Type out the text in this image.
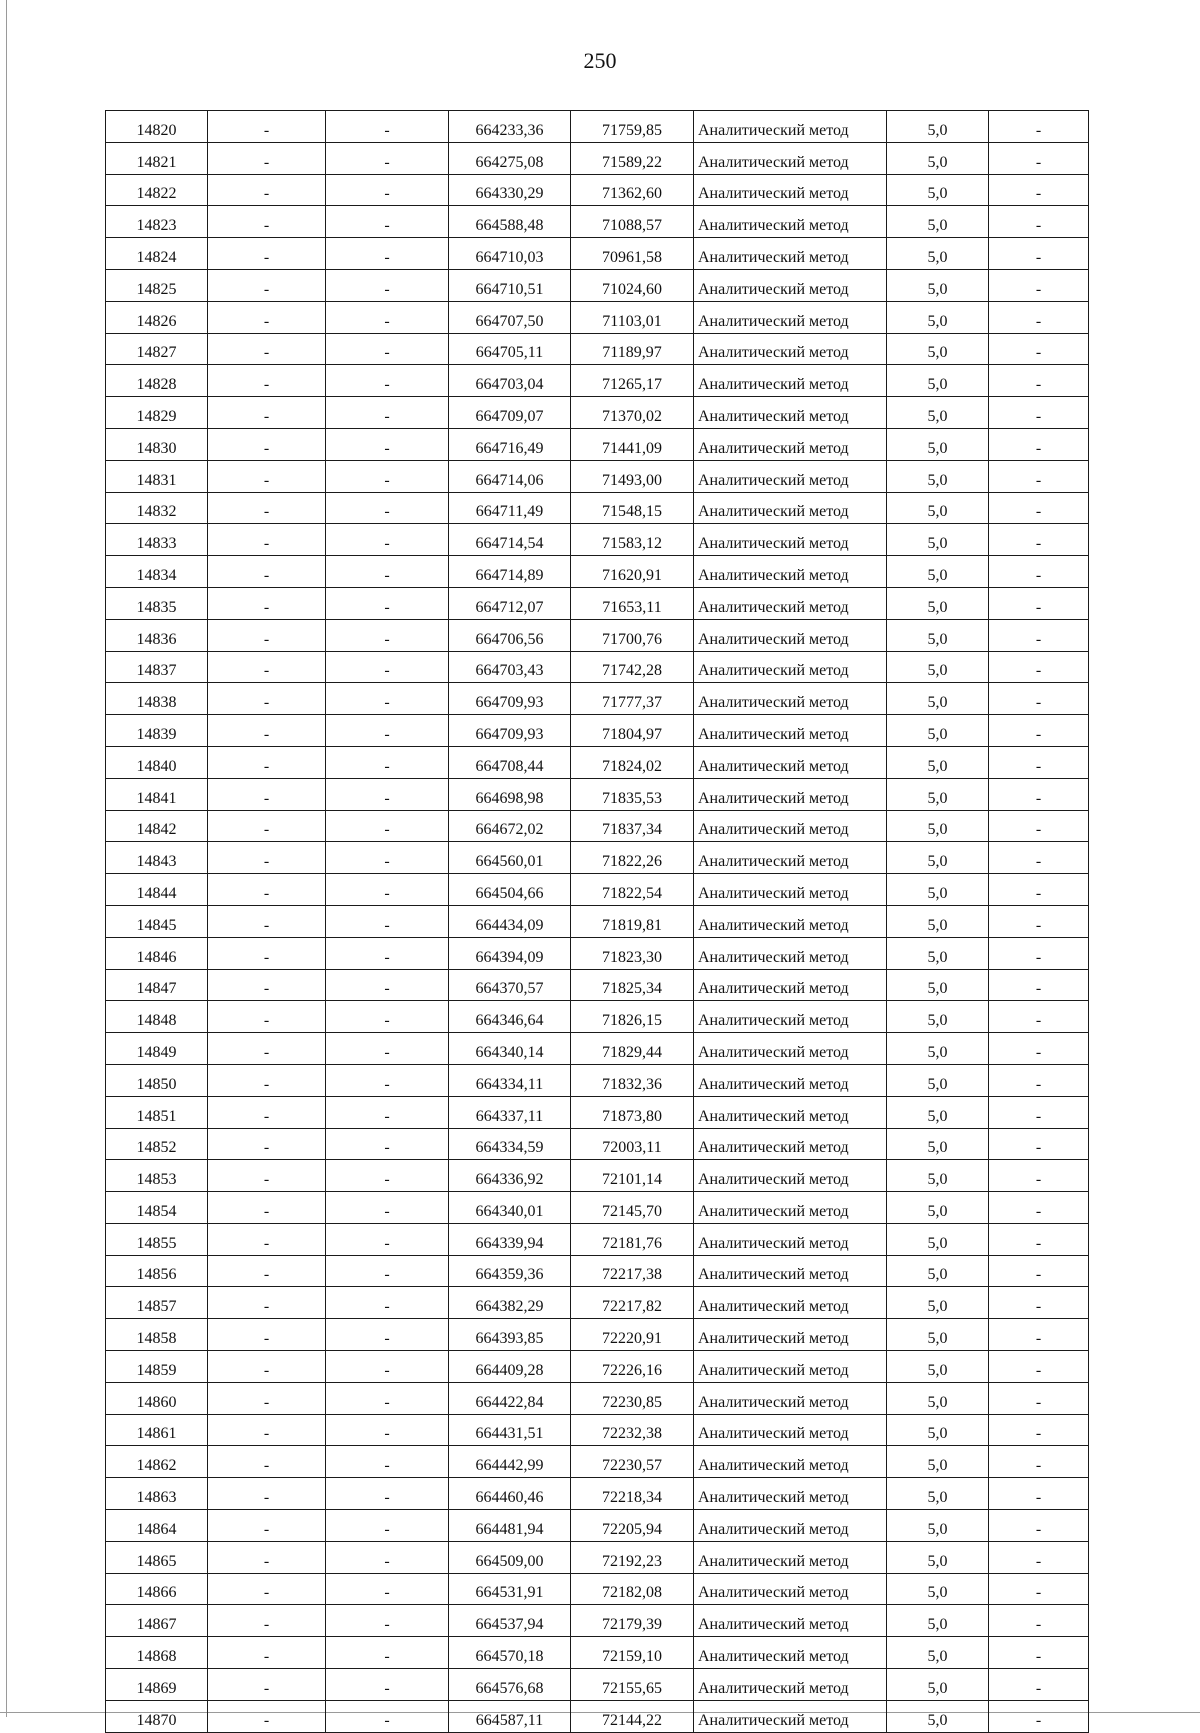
250
14820	-	-	664233,36	71759,85	Аналитический метод	5,0	-
14821	-	-	664275,08	71589,22	Аналитический метод	5,0	-
14822	-	-	664330,29	71362,60	Аналитический метод	5,0	-
14823	-	-	664588,48	71088,57	Аналитический метод	5,0	-
14824	-	-	664710,03	70961,58	Аналитический метод	5,0	-
14825	-	-	664710,51	71024,60	Аналитический метод	5,0	-
14826	-	-	664707,50	71103,01	Аналитический метод	5,0	-
14827	-	-	664705,11	71189,97	Аналитический метод	5,0	-
14828	-	-	664703,04	71265,17	Аналитический метод	5,0	-
14829	-	-	664709,07	71370,02	Аналитический метод	5,0	-
14830	-	-	664716,49	71441,09	Аналитический метод	5,0	-
14831	-	-	664714,06	71493,00	Аналитический метод	5,0	-
14832	-	-	664711,49	71548,15	Аналитический метод	5,0	-
14833	-	-	664714,54	71583,12	Аналитический метод	5,0	-
14834	-	-	664714,89	71620,91	Аналитический метод	5,0	-
14835	-	-	664712,07	71653,11	Аналитический метод	5,0	-
14836	-	-	664706,56	71700,76	Аналитический метод	5,0	-
14837	-	-	664703,43	71742,28	Аналитический метод	5,0	-
14838	-	-	664709,93	71777,37	Аналитический метод	5,0	-
14839	-	-	664709,93	71804,97	Аналитический метод	5,0	-
14840	-	-	664708,44	71824,02	Аналитический метод	5,0	-
14841	-	-	664698,98	71835,53	Аналитический метод	5,0	-
14842	-	-	664672,02	71837,34	Аналитический метод	5,0	-
14843	-	-	664560,01	71822,26	Аналитический метод	5,0	-
14844	-	-	664504,66	71822,54	Аналитический метод	5,0	-
14845	-	-	664434,09	71819,81	Аналитический метод	5,0	-
14846	-	-	664394,09	71823,30	Аналитический метод	5,0	-
14847	-	-	664370,57	71825,34	Аналитический метод	5,0	-
14848	-	-	664346,64	71826,15	Аналитический метод	5,0	-
14849	-	-	664340,14	71829,44	Аналитический метод	5,0	-
14850	-	-	664334,11	71832,36	Аналитический метод	5,0	-
14851	-	-	664337,11	71873,80	Аналитический метод	5,0	-
14852	-	-	664334,59	72003,11	Аналитический метод	5,0	-
14853	-	-	664336,92	72101,14	Аналитический метод	5,0	-
14854	-	-	664340,01	72145,70	Аналитический метод	5,0	-
14855	-	-	664339,94	72181,76	Аналитический метод	5,0	-
14856	-	-	664359,36	72217,38	Аналитический метод	5,0	-
14857	-	-	664382,29	72217,82	Аналитический метод	5,0	-
14858	-	-	664393,85	72220,91	Аналитический метод	5,0	-
14859	-	-	664409,28	72226,16	Аналитический метод	5,0	-
14860	-	-	664422,84	72230,85	Аналитический метод	5,0	-
14861	-	-	664431,51	72232,38	Аналитический метод	5,0	-
14862	-	-	664442,99	72230,57	Аналитический метод	5,0	-
14863	-	-	664460,46	72218,34	Аналитический метод	5,0	-
14864	-	-	664481,94	72205,94	Аналитический метод	5,0	-
14865	-	-	664509,00	72192,23	Аналитический метод	5,0	-
14866	-	-	664531,91	72182,08	Аналитический метод	5,0	-
14867	-	-	664537,94	72179,39	Аналитический метод	5,0	-
14868	-	-	664570,18	72159,10	Аналитический метод	5,0	-
14869	-	-	664576,68	72155,65	Аналитический метод	5,0	-
14870	-	-	664587,11	72144,22	Аналитический метод	5,0	-
